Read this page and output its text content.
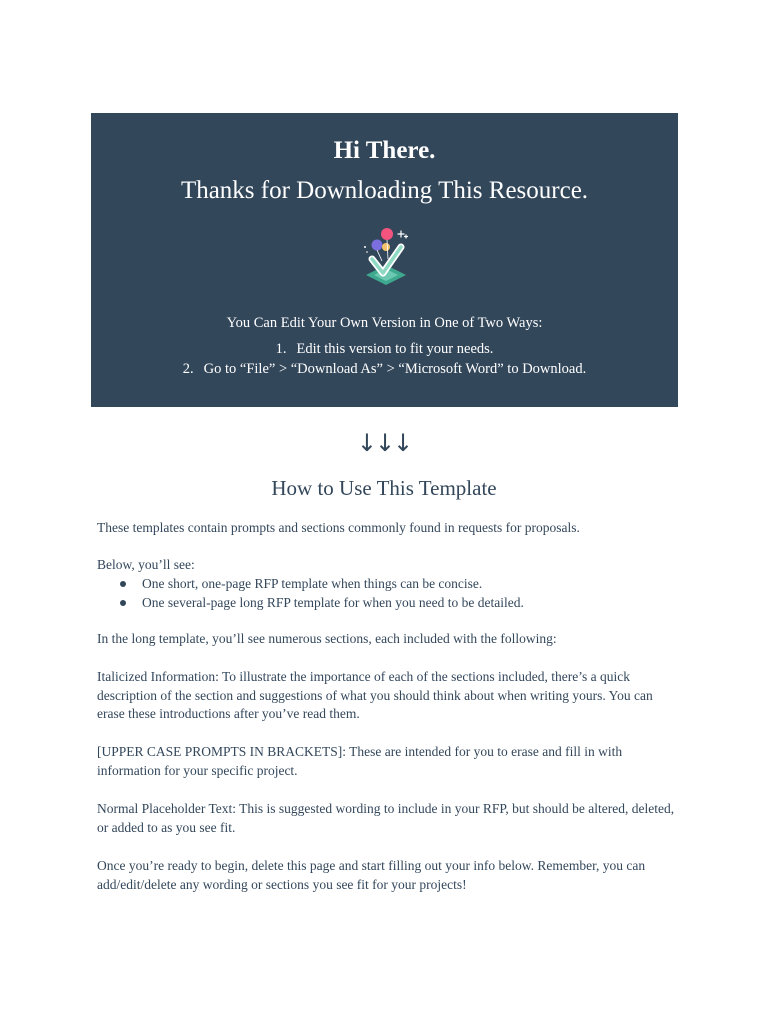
Hi There.
Thanks for Downloading This Resource.
You Can Edit Your Own Version in One of Two Ways:
1. Edit this version to fit your needs.
2. Go to “File” > “Download As” > “Microsoft Word” to Download.
↓↓↓
How to Use This Template

These templates contain prompts and sections commonly found in requests for proposals.

Below, you’ll see:

One short, one-page RFP template when things can be concise.
One several-page long RFP template for when you need to be detailed.

In the long template, you’ll see numerous sections, each included with the following:

Italicized Information: To illustrate the importance of each of the sections included, there’s a quick description of the section and suggestions of what you should think about when writing yours. You can erase these introductions after you’ve read them.

[UPPER CASE PROMPTS IN BRACKETS]: These are intended for you to erase and fill in with information for your specific project.

Normal Placeholder Text: This is suggested wording to include in your RFP, but should be altered, deleted, or added to as you see fit.

Once you’re ready to begin, delete this page and start filling out your info below. Remember, you can add/edit/delete any wording or sections you see fit for your projects!
